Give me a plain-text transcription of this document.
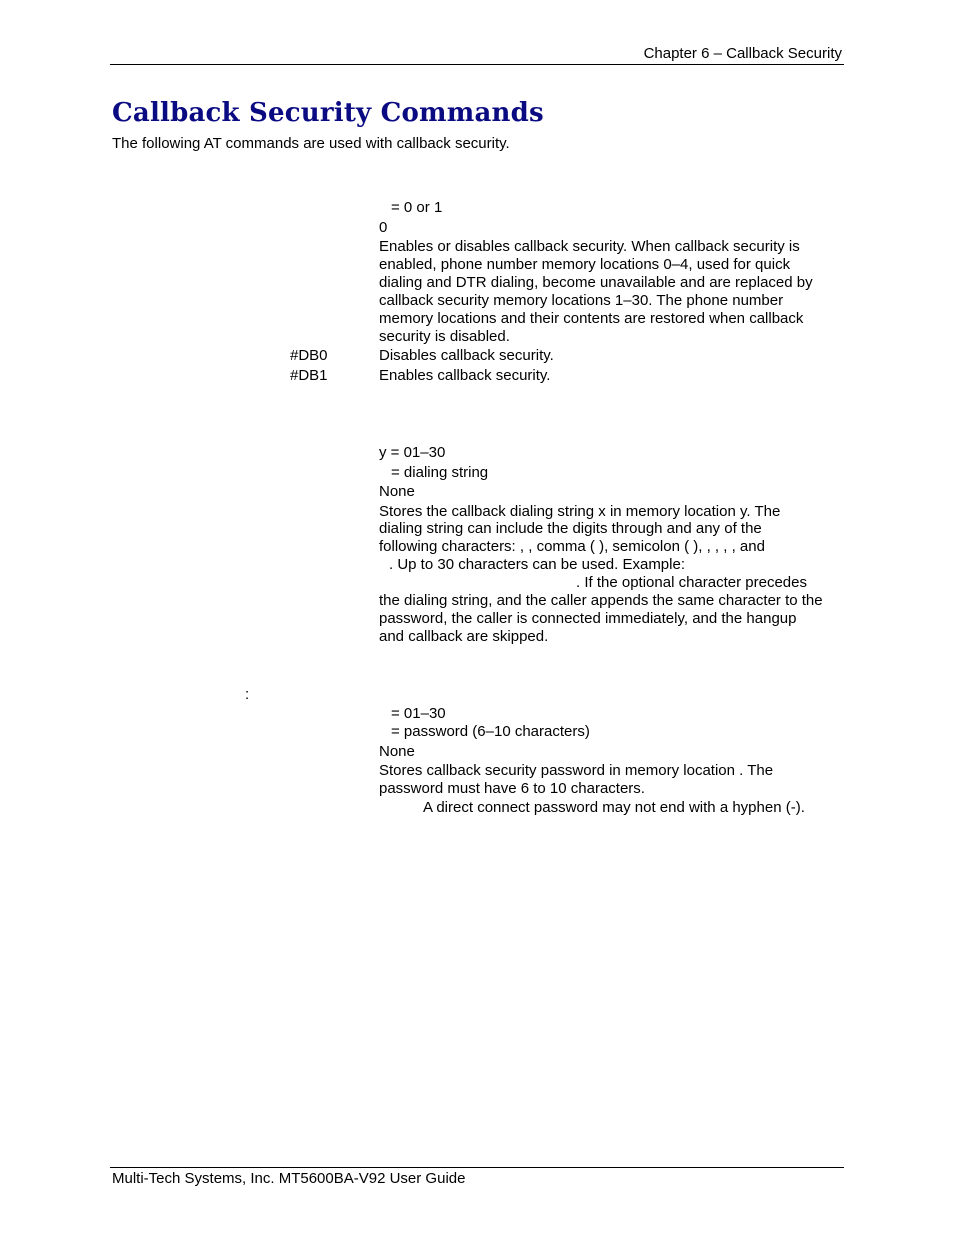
Chapter 6 – Callback Security
Callback Security Commands
The following AT commands are used with callback security.
= 0 or 1
0
Enables or disables callback security. When callback security is
enabled, phone number memory locations 0–4, used for quick
dialing and DTR dialing, become unavailable and are replaced by
callback security memory locations 1–30. The phone number
memory locations and their contents are restored when callback
security is disabled.
#DB0	Disables callback security.
#DB1	Enables callback security.
y = 01–30
= dialing string
None
Stores the callback dialing string x in memory location y. The
dialing string can include the digits through and any of the
following characters: , , comma ( ), semicolon ( ), , , , , and
. Up to 30 characters can be used. Example:
. If the optional character precedes
the dialing string, and the caller appends the same character to the
password, the caller is connected immediately, and the hangup
and callback are skipped.
:
= 01–30
= password (6–10 characters)
None
Stores callback security password in memory location . The
password must have 6 to 10 characters.
A direct connect password may not end with a hyphen (-).
Multi-Tech Systems, Inc. MT5600BA-V92 User Guide
